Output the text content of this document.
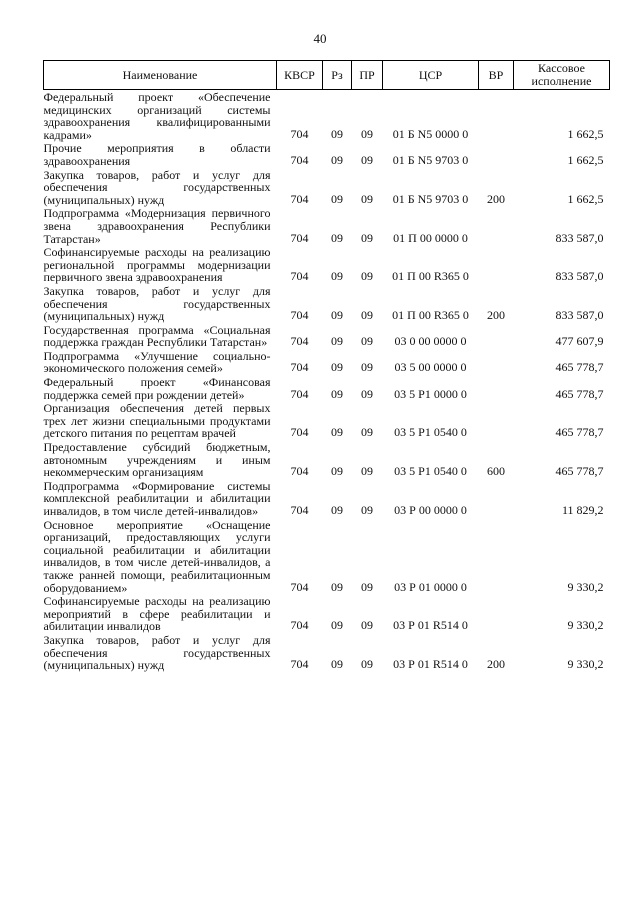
40
Наименование	КВСР	Рз	ПР	ЦСР	ВР	Кассовое исполнение
Федеральный проект «Обеспечение медицинских организаций системы здравоохранения квалифицированными кадрами»	704	09	09	01 Б N5 0000 0		1 662,5
Прочие мероприятия в области здравоохранения	704	09	09	01 Б N5 9703 0		1 662,5
Закупка товаров, работ и услуг для обеспечения государственных (муниципальных) нужд	704	09	09	01 Б N5 9703 0	200	1 662,5
Подпрограмма «Модернизация первичного звена здравоохранения Республики Татарстан»	704	09	09	01 П 00 0000 0		833 587,0
Софинансируемые расходы на реализацию региональной программы модернизации первичного звена здравоохранения	704	09	09	01 П 00 R365 0		833 587,0
Закупка товаров, работ и услуг для обеспечения государственных (муниципальных) нужд	704	09	09	01 П 00 R365 0	200	833 587,0
Государственная программа «Социальная поддержка граждан Республики Татарстан»	704	09	09	03 0 00 0000 0		477 607,9
Подпрограмма «Улучшение социально-экономического положения семей»	704	09	09	03 5 00 0000 0		465 778,7
Федеральный проект «Финансовая поддержка семей при рождении детей»	704	09	09	03 5 P1 0000 0		465 778,7
Организация обеспечения детей первых трех лет жизни специальными продуктами детского питания по рецептам врачей	704	09	09	03 5 P1 0540 0		465 778,7
Предоставление субсидий бюджетным, автономным учреждениям и иным некоммерческим организациям	704	09	09	03 5 P1 0540 0	600	465 778,7
Подпрограмма «Формирование системы комплексной реабилитации и абилитации инвалидов, в том числе детей-инвалидов»	704	09	09	03 Р 00 0000 0		11 829,2
Основное мероприятие «Оснащение организаций, предоставляющих услуги социальной реабилитации и абилитации инвалидов, в том числе детей-инвалидов, а также ранней помощи, реабилитационным оборудованием»	704	09	09	03 Р 01 0000 0		9 330,2
Софинансируемые расходы на реализацию мероприятий в сфере реабилитации и абилитации инвалидов	704	09	09	03 Р 01 R514 0		9 330,2
Закупка товаров, работ и услуг для обеспечения государственных (муниципальных) нужд	704	09	09	03 Р 01 R514 0	200	9 330,2
